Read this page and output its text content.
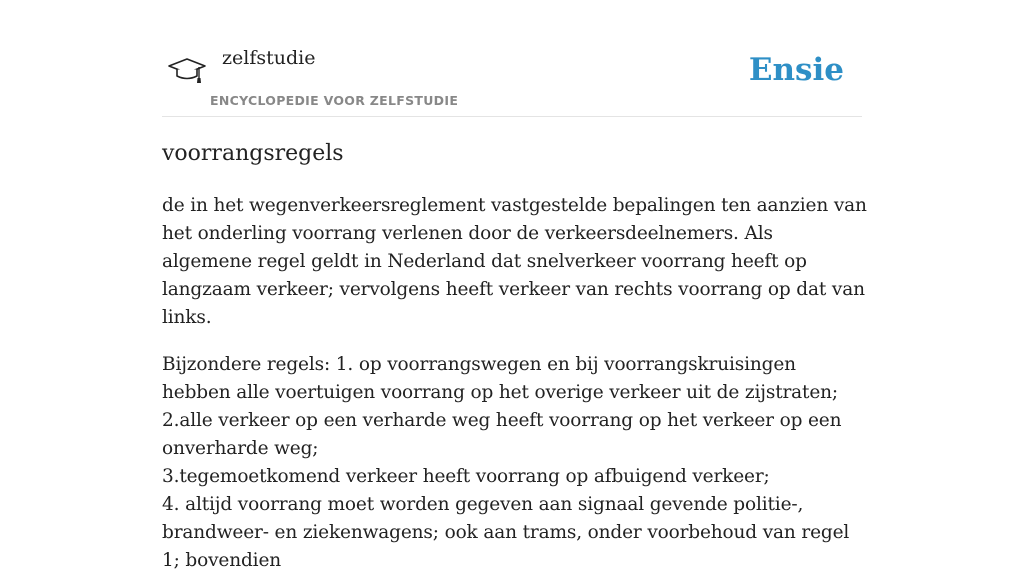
zelfstudie
ENCYCLOPEDIE VOOR ZELFSTUDIE
Ensie
voorrangsregels

de in het wegenverkeersreglement vastgestelde bepalingen ten aanzien van het onderling voorrang verlenen door de verkeersdeelnemers. Als algemene regel geldt in Nederland dat snelverkeer voorrang heeft op langzaam verkeer; vervolgens heeft verkeer van rechts voorrang op dat van links.

Bijzondere regels: 1. op voorrangswegen en bij voorrangskruisingen hebben alle voertuigen voorrang op het overige verkeer uit de zijstraten;
2.alle verkeer op een verharde weg heeft voorrang op het verkeer op een onverharde weg;
3.tegemoetkomend verkeer heeft voorrang op afbuigend verkeer;
4. altijd voorrang moet worden gegeven aan signaal gevende politie-, brandweer- en ziekenwagens; ook aan trams, onder voorbehoud van regel 1; bovendien
